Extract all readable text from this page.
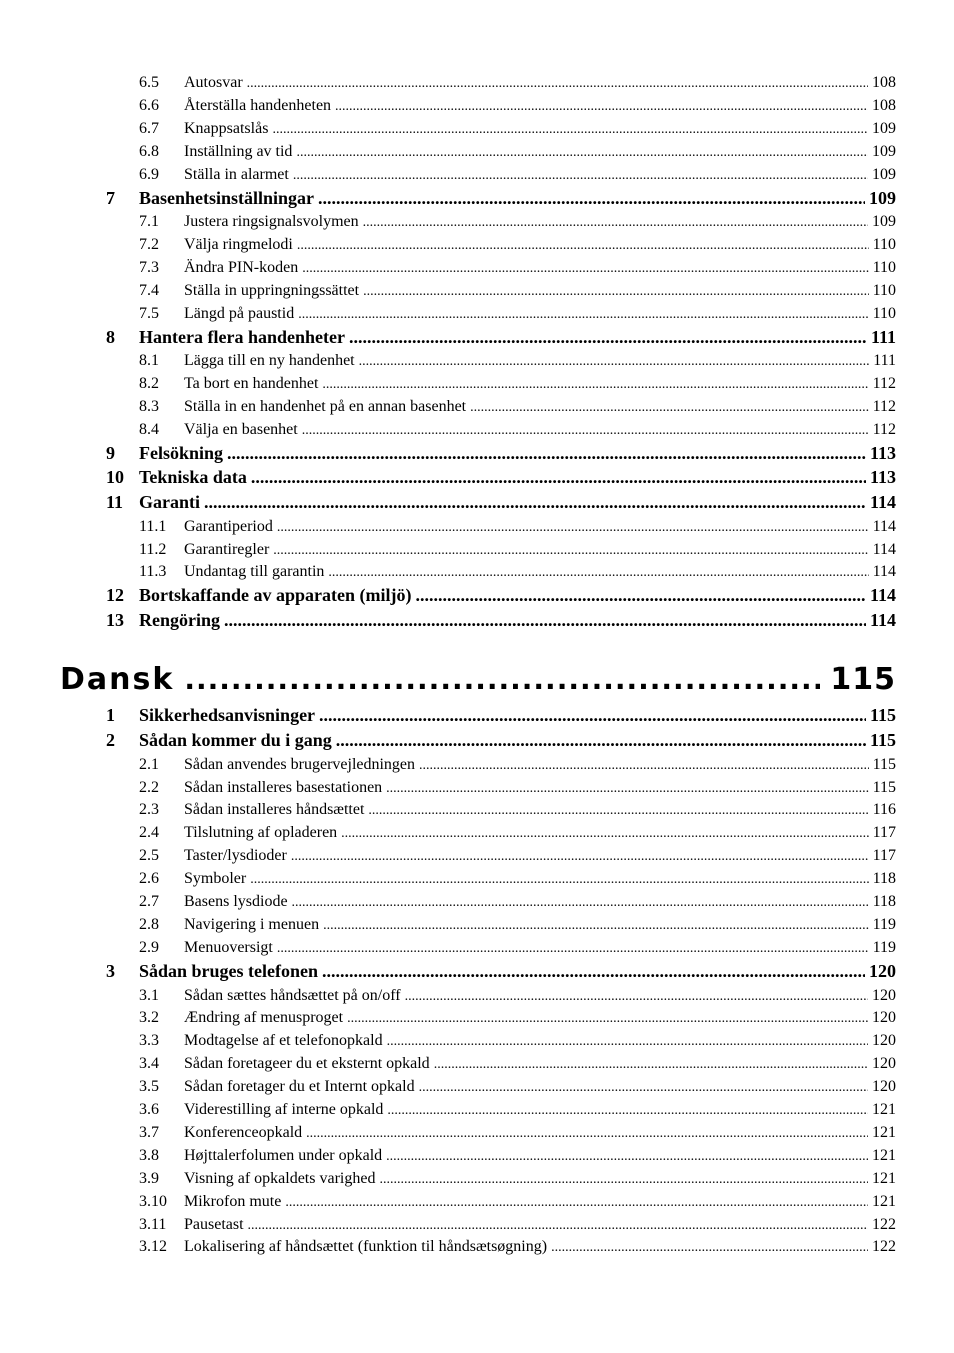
6.5 Autosvar .....	108
6.6 Återställa handenheten .....	108
6.7 Knappsatslås .....	109
6.8 Inställning av tid .....	109
6.9 Ställa in alarmet .....	109
7 Basenhetsinställningar .....	109
7.1 Justera ringsignalsvolymen .....	109
7.2 Välja ringmelodi .....	110
7.3 Ändra PIN-koden .....	110
7.4 Ställa in uppringningssättet .....	110
7.5 Längd på paustid .....	110
8 Hantera flera handenheter .....	111
8.1 Lägga till en ny handenhet .....	111
8.2 Ta bort en handenhet .....	112
8.3 Ställa in en handenhet på en annan basenhet .....	112
8.4 Välja en basenhet .....	112
9 Felsökning .....	113
10 Tekniska data .....	113
11 Garanti .....	114
11.1 Garantiperiod .....	114
11.2 Garantiregler .....	114
11.3 Undantag till garantin .....	114
12 Bortskaffande av apparaten (miljö) .....	114
13 Rengöring .....	114
Dansk .....	115
1 Sikkerhedsanvisninger .....	115
2 Sådan kommer du i gang .....	115
2.1 Sådan anvendes brugervejledningen .....	115
2.2 Sådan installeres basestationen .....	115
2.3 Sådan installeres håndsættet .....	116
2.4 Tilslutning af opladeren .....	117
2.5 Taster/lysdioder .....	117
2.6 Symboler .....	118
2.7 Basens lysdiode .....	118
2.8 Navigering i menuen .....	119
2.9 Menuoversigt .....	119
3 Sådan bruges telefonen .....	120
3.1 Sådan sættes håndsættet på on/off .....	120
3.2 Ændring af menusproget .....	120
3.3 Modtagelse af et telefonopkald .....	120
3.4 Sådan foretageer du et eksternt opkald .....	120
3.5 Sådan foretager du et Internt opkald .....	120
3.6 Viderestilling af interne opkald .....	121
3.7 Konferenceopkald .....	121
3.8 Højttalerfolumen under opkald .....	121
3.9 Visning af opkaldets varighed .....	121
3.10 Mikrofon mute .....	121
3.11 Pausetast .....	122
3.12 Lokalisering af håndsættet (funktion til håndsætsøgning) .....	122
